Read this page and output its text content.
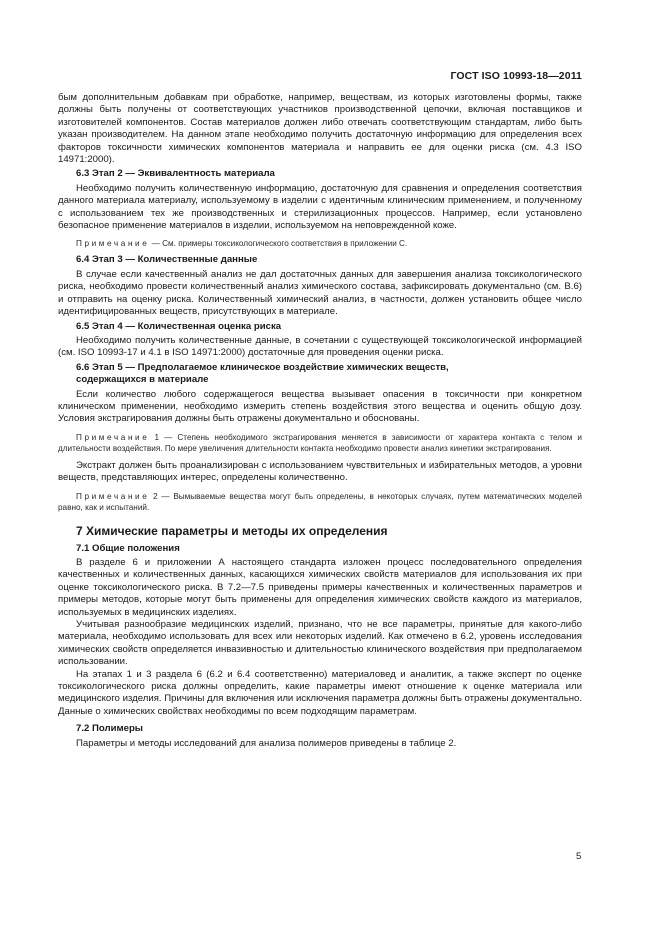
ГОСТ ISO 10993-18—2011

бым дополнительным добавкам при обработке, например, веществам, из которых изготовлены формы, также должны быть получены от соответствующих участников производственной цепочки, включая поставщиков и изготовителей компонентов. Состав материалов должен либо отвечать соответствующим стандартам, либо быть указан производителем. На данном этапе необходимо получить достаточную информацию для определения всех факторов токсичности химических компонентов материала и направить ее для оценки риска (см. 4.3 ISO 14971:2000).

6.3 Этап 2 — Эквивалентность материала

Необходимо получить количественную информацию, достаточную для сравнения и определения соответствия данного материала материалу, используемому в изделии с идентичным клиническим применением, и полученному с использованием тех же производственных и стерилизационных процессов. Например, если установлено безопасное применение материалов в изделии, используемом на неповрежденной коже.

Примечание — См. примеры токсикологического соответствия в приложении С.

6.4 Этап 3 — Количественные данные

В случае если качественный анализ не дал достаточных данных для завершения анализа токсикологического риска, необходимо провести количественный анализ химического состава, зафиксировать документально (см. В.6) и отправить на оценку риска. Количественный химический анализ, в частности, должен установить общее число идентифицированных веществ, присутствующих в материале.

6.5 Этап 4 — Количественная оценка риска

Необходимо получить количественные данные, в сочетании с существующей токсикологической информацией (см. ISO 10993-17 и 4.1 в ISO 14971:2000) достаточные для проведения оценки риска.

6.6 Этап 5 — Предполагаемое клиническое воздействие химических веществ,
содержащихся в материале

Если количество любого содержащегося вещества вызывает опасения в токсичности при конкретном клиническом применении, необходимо измерить степень воздействия этого вещества и оценить общую дозу. Условия экстрагирования должны быть отражены документально и обоснованы.

Примечание 1 — Степень необходимого экстрагирования меняется в зависимости от характера контакта с телом и длительности воздействия. По мере увеличения длительности контакта необходимо провести анализ кинетики экстрагирования.

Экстракт должен быть проанализирован с использованием чувствительных и избирательных методов, а уровни веществ, представляющих интерес, определены количественно.

Примечание 2 — Вымываемые вещества могут быть определены, в некоторых случаях, путем математических моделей равно, как и испытаний.

7 Химические параметры и методы их определения
7.1 Общие положения

В разделе 6 и приложении А настоящего стандарта изложен процесс последовательного определения качественных и количественных данных, касающихся химических свойств материалов для использования их при оценке токсикологического риска. В 7.2—7.5 приведены примеры качественных и количественных параметров и примеры методов, которые могут быть применены для определения химических свойств каждого из материалов, используемых в медицинских изделиях.

Учитывая разнообразие медицинских изделий, признано, что не все параметры, принятые для какого-либо материала, необходимо использовать для всех или некоторых изделий. Как отмечено в 6.2, уровень исследования химических свойств определяется инвазивностью и длительностью клинического воздействия при предполагаемом использовании.

На этапах 1 и 3 раздела 6 (6.2 и 6.4 соответственно) материаловед и аналитик, а также эксперт по оценке токсикологического риска должны определить, какие параметры имеют отношение к оценке материала или медицинского изделия. Причины для включения или исключения параметра должны быть отражены документально. Данные о химических свойствах необходимы по всем подходящим параметрам.

7.2 Полимеры

Параметры и методы исследований для анализа полимеров приведены в таблице 2.

5
